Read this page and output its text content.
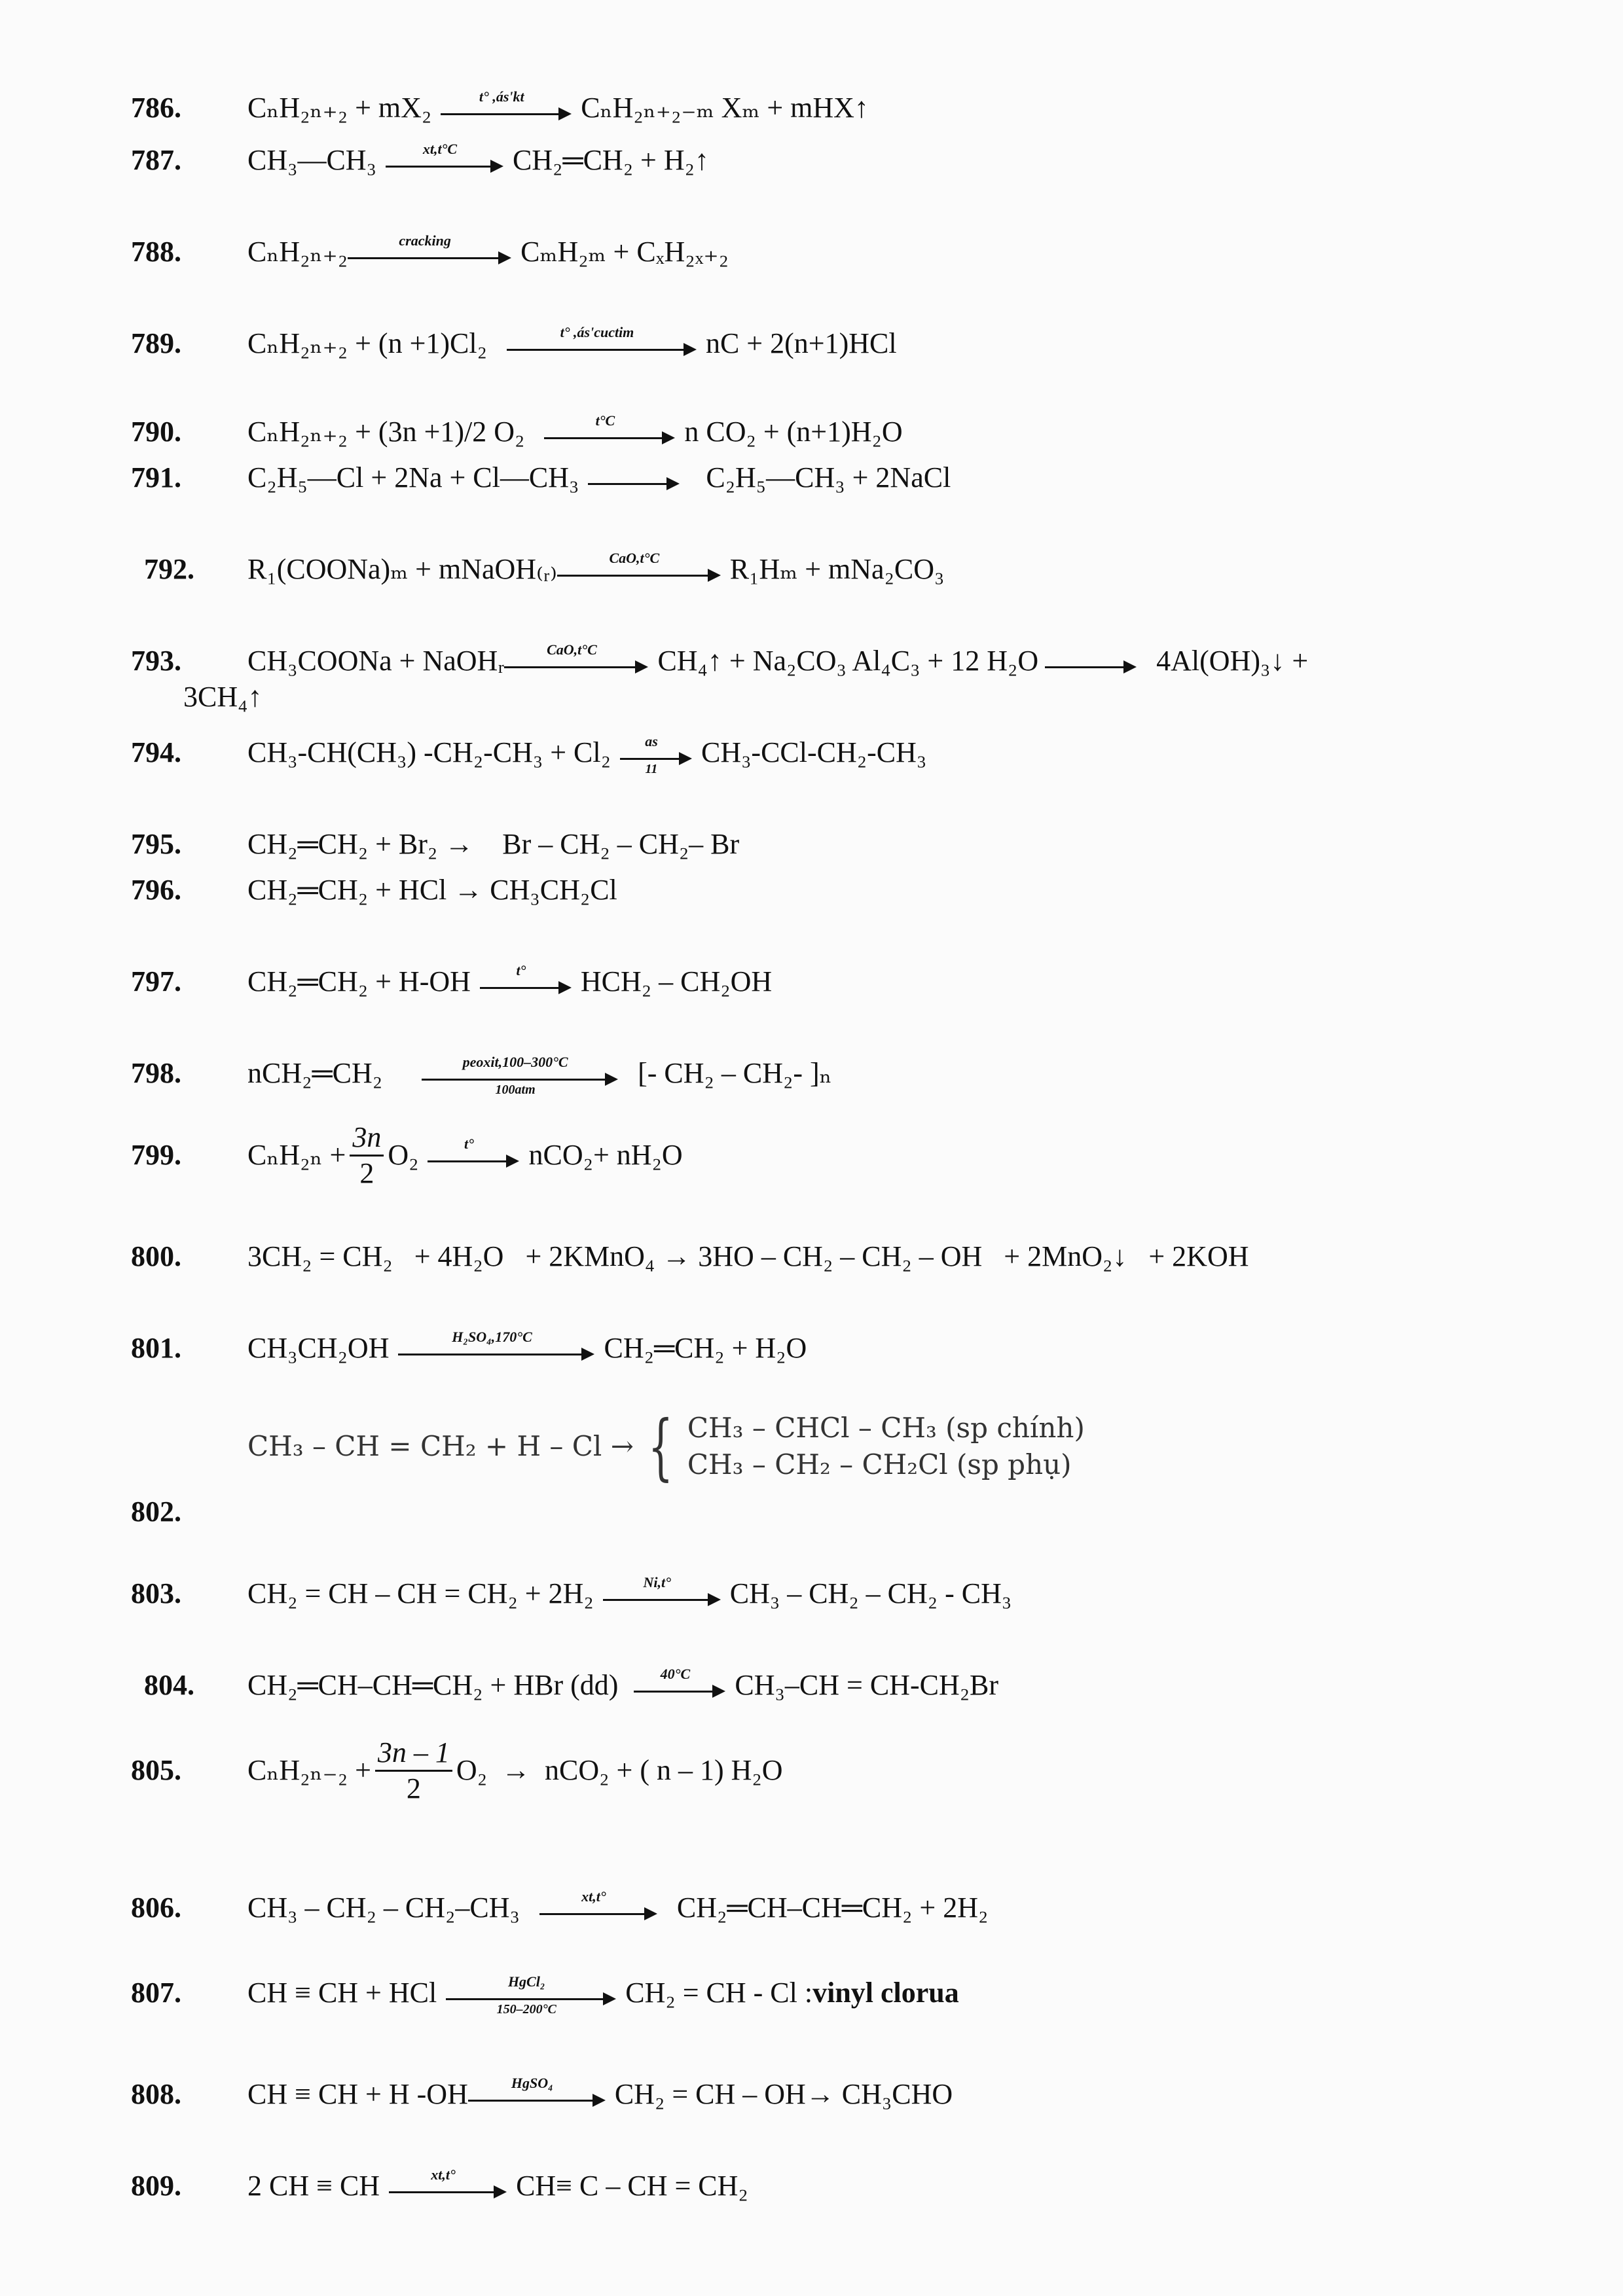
786.	CₙH₂ₙ₊₂ + mX₂	t° ,ás'kt	CₙH₂ₙ₊₂₋ₘ Xₘ + mHX↑
787.	CH₃—CH₃	xt,t°C	CH₂═CH₂ + H₂↑
788.	CₙH₂ₙ₊₂	cracking	CₘH₂ₘ + CₓH₂ₓ₊₂
789.	CₙH₂ₙ₊₂ + (n +1)Cl₂	t° ,ás'cuctim	nC + 2(n+1)HCl
790.	CₙH₂ₙ₊₂ + (3n +1)/2 O₂	t°C	n CO₂ + (n+1)H₂O
791.	C₂H₅—Cl + 2Na + Cl—CH₃	C₂H₅—CH₃ + 2NaCl
792.	R₁(COONa)ₘ + mNaOH₍ᵣ₎	CaO,t°C	R₁Hₘ + mNa₂CO₃
793.	CH₃COONa + NaOHᵣ	CaO,t°C	CH₄↑ + Na₂CO₃ Al₄C₃ + 12 H₂O	4Al(OH)₃↓ +
3CH₄↑
794.	CH₃-CH(CH₃) -CH₂-CH₃ + Cl₂	as
11
CH₃-CCl-CH₂-CH₃
795.	CH₂═CH₂ + Br₂ →    Br – CH₂ – CH₂– Br
796.	CH₂═CH₂ + HCl → CH₃CH₂Cl
797.	CH₂═CH₂ + H-OH	t°	HCH₂ – CH₂OH
798.	nCH₂═CH₂	peoxit,100–300°C
100atm
[- CH₂ – CH₂- ]ₙ
799.	$C_nH_{2n} + \frac{3n}{2} O_2$	t°	nCO₂+ nH₂O
800.	3CH₂ = CH₂   + 4H₂O   + 2KMnO₄ → 3HO – CH₂ – CH₂ – OH   + 2MnO₂↓   + 2KOH
801.	CH₃CH₂OH	H₂SO₄,170°C	CH₂═CH₂ + H₂O
802.
CH₃ – CH = CH₂ + H – Cl → { CH₃ – CHCl – CH₃ (sp chính)
CH₃ – CH₂ – CH₂Cl (sp phụ)
803.	CH₂ = CH – CH = CH₂ + 2H₂	Ni,t°	CH₃ – CH₂ – CH₂ - CH₃
804.	CH₂═CH–CH═CH₂ + HBr (dd)	40°C	CH₃–CH = CH-CH₂Br
805.	$C_nH_{2n-2} + \frac{3n - 1}{2} O_2 \to nCO_2$ + ( n – 1) H₂O
806.	CH₃ – CH₂ – CH₂–CH₃	xt,t°	CH₂═CH–CH═CH₂ + 2H₂
807.	CH ≡ CH + HCl	HgCl₂
150–200°C
CH₂ = CH - Cl : vinyl clorua
808.	CH ≡ CH + H -OH	HgSO₄	CH₂ = CH – OH→ CH₃CHO
809.	2 CH ≡ CH	xt,t°	CH≡ C – CH = CH₂
